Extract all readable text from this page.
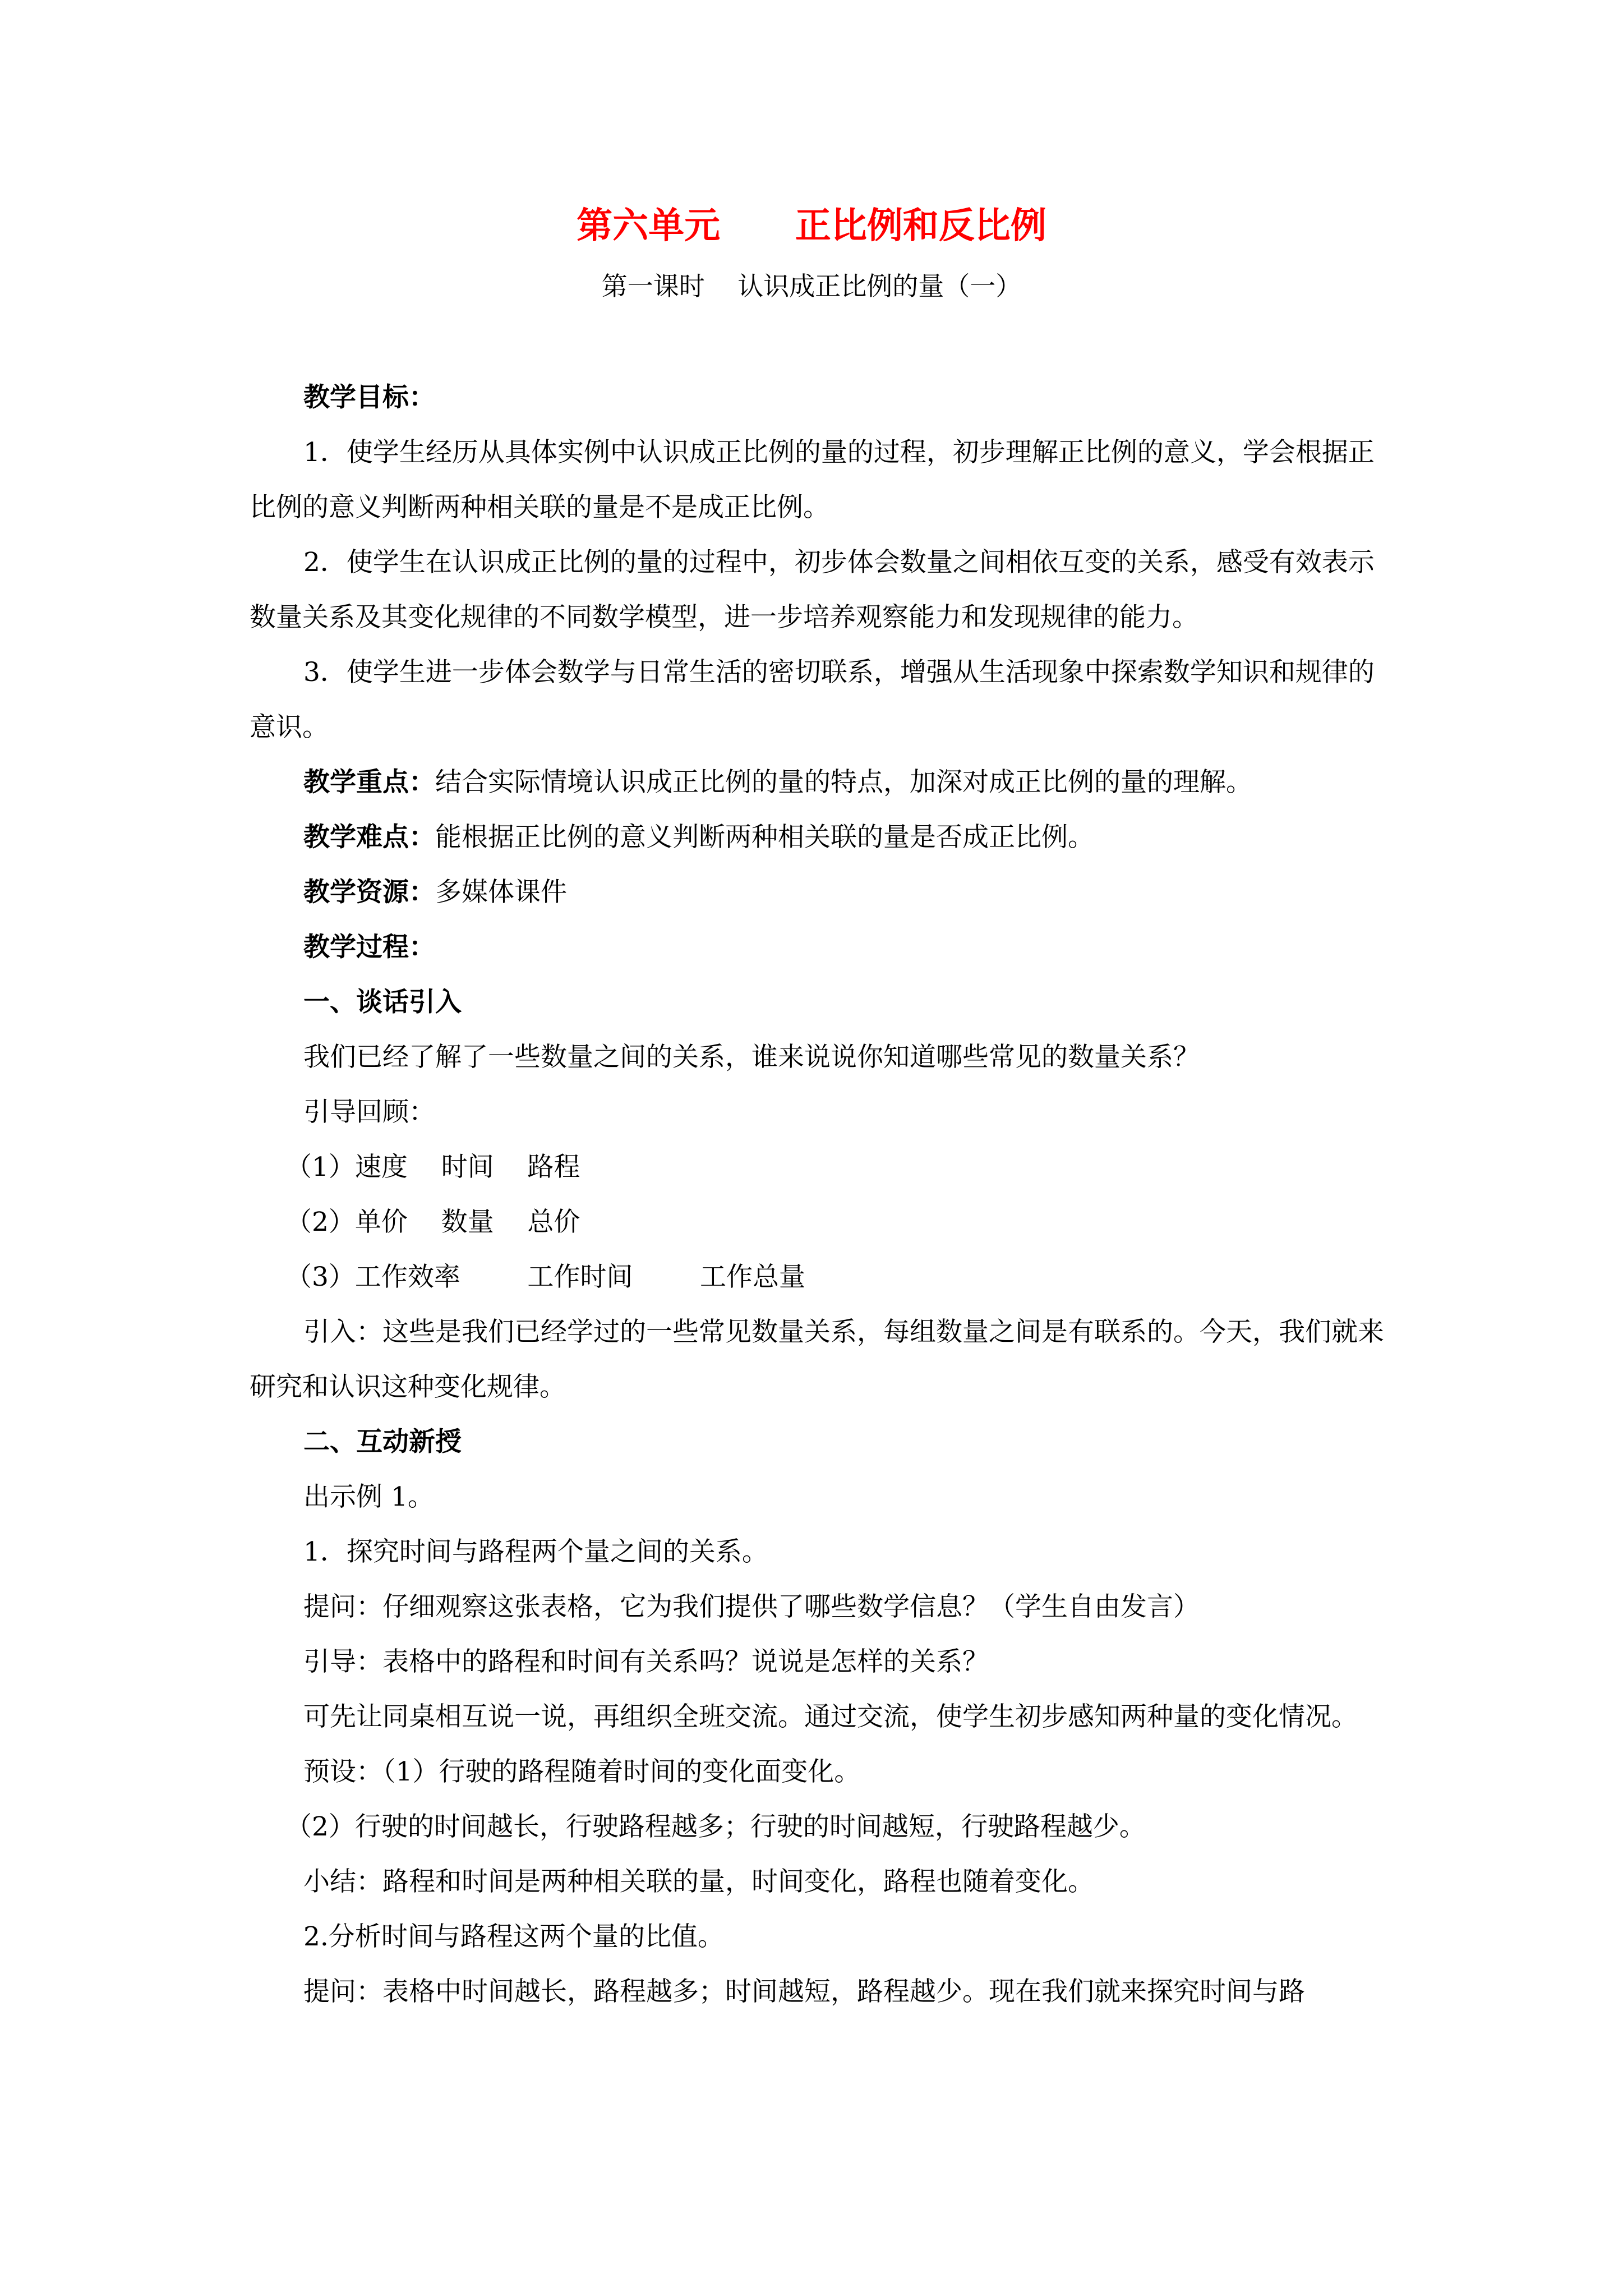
第六单元      正比例和反比例
第一课时    认识成正比例的量（一）

教学目标：

1．使学生经历从具体实例中认识成正比例的量的过程，初步理解正比例的意义，学会根据正比例的意义判断两种相关联的量是不是成正比例。

2．使学生在认识成正比例的量的过程中，初步体会数量之间相依互变的关系，感受有效表示数量关系及其变化规律的不同数学模型，进一步培养观察能力和发现规律的能力。

3．使学生进一步体会数学与日常生活的密切联系，增强从生活现象中探索数学知识和规律的意识。

教学重点：结合实际情境认识成正比例的量的特点，加深对成正比例的量的理解。

教学难点：能根据正比例的意义判断两种相关联的量是否成正比例。

教学资源：多媒体课件

教学过程：

一、谈话引入

我们已经了解了一些数量之间的关系，谁来说说你知道哪些常见的数量关系？

引导回顾：

（1）速度    时间    路程

（2）单价    数量    总价

（3）工作效率        工作时间        工作总量

引入：这些是我们已经学过的一些常见数量关系，每组数量之间是有联系的。今天，我们就来研究和认识这种变化规律。

二、互动新授

出示例 1。

1．探究时间与路程两个量之间的关系。

提问：仔细观察这张表格，它为我们提供了哪些数学信息？（学生自由发言）

引导：表格中的路程和时间有关系吗？说说是怎样的关系？

可先让同桌相互说一说，再组织全班交流。通过交流，使学生初步感知两种量的变化情况。

预设：（1）行驶的路程随着时间的变化面变化。

（2）行驶的时间越长，行驶路程越多；行驶的时间越短，行驶路程越少。

小结：路程和时间是两种相关联的量，时间变化，路程也随着变化。

2.分析时间与路程这两个量的比值。

提问：表格中时间越长，路程越多；时间越短，路程越少。现在我们就来探究时间与路
